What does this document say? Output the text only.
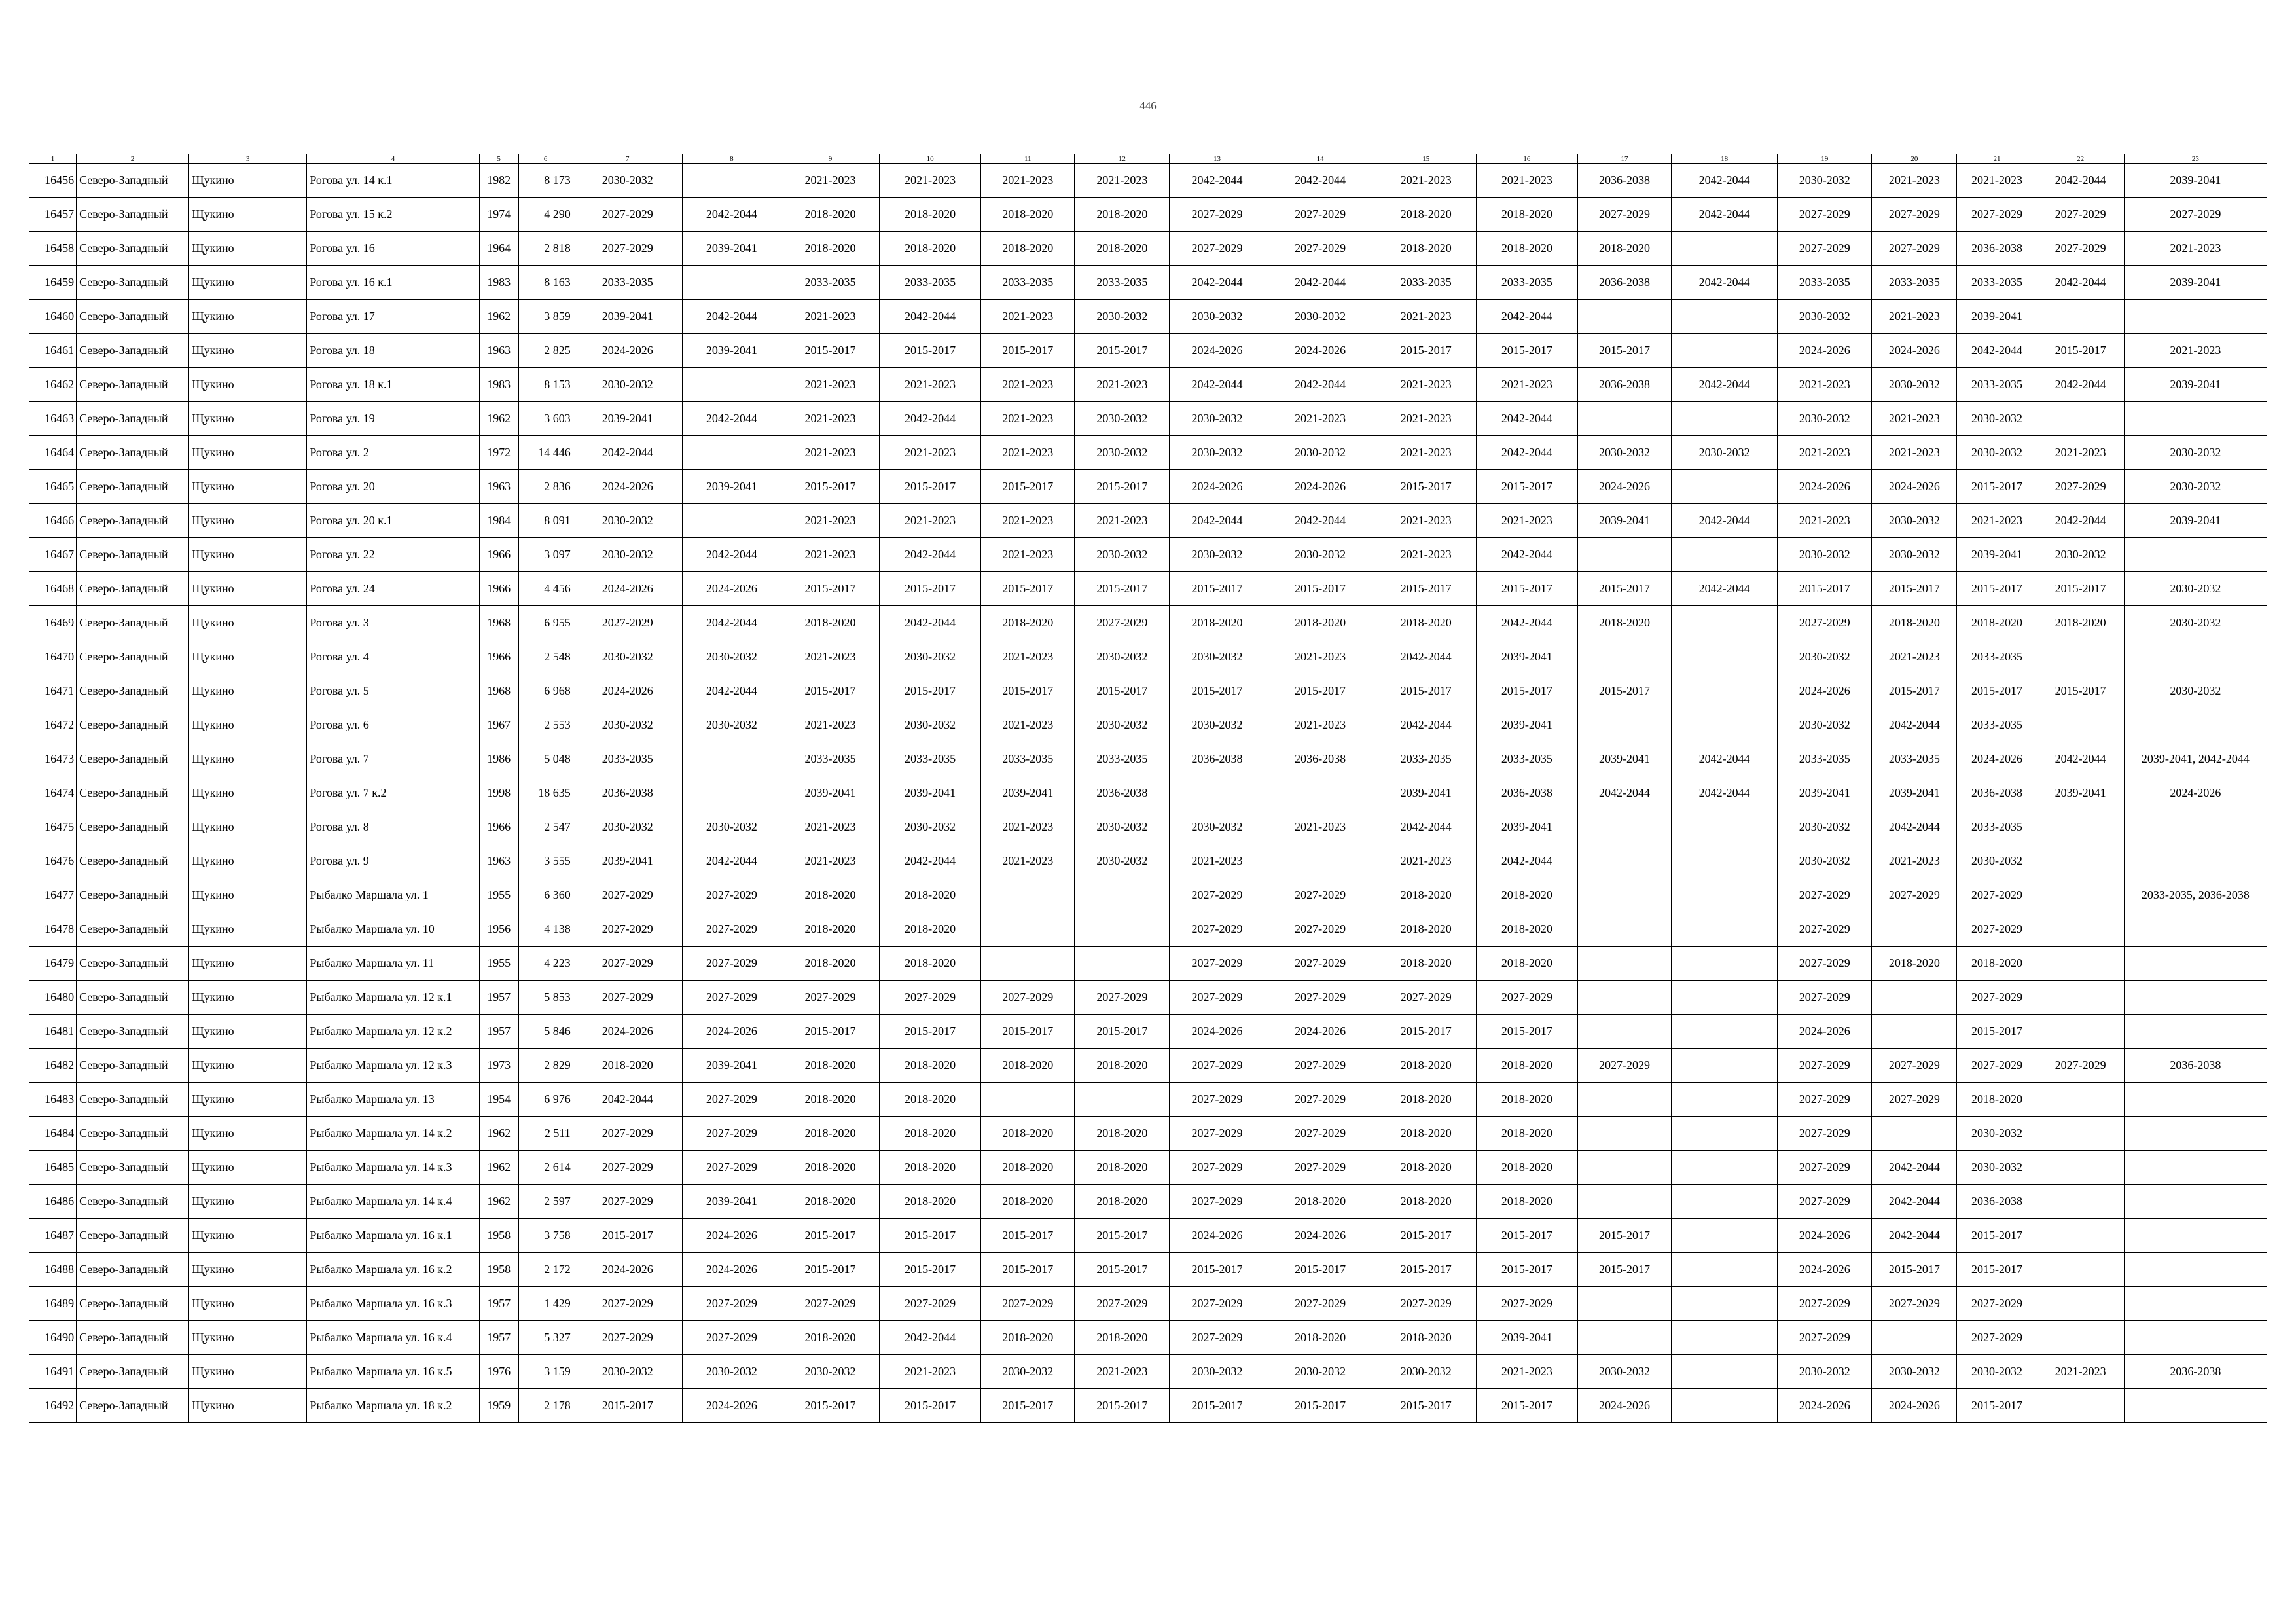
446
1	2	3	4	5	6	7	8	9	10	11	12	13	14	15	16	17	18	19	20	21	22	23
16456	Северо-Западный	Щукино	Рогова ул. 14 к.1	1982	8 173	2030-2032		2021-2023	2021-2023	2021-2023	2021-2023	2042-2044	2042-2044	2021-2023	2021-2023	2036-2038	2042-2044	2030-2032	2021-2023	2021-2023	2042-2044	2039-2041
16457	Северо-Западный	Щукино	Рогова ул. 15 к.2	1974	4 290	2027-2029	2042-2044	2018-2020	2018-2020	2018-2020	2018-2020	2027-2029	2027-2029	2018-2020	2018-2020	2027-2029	2042-2044	2027-2029	2027-2029	2027-2029	2027-2029	2027-2029
16458	Северо-Западный	Щукино	Рогова ул. 16	1964	2 818	2027-2029	2039-2041	2018-2020	2018-2020	2018-2020	2018-2020	2027-2029	2027-2029	2018-2020	2018-2020	2018-2020		2027-2029	2027-2029	2036-2038	2027-2029	2021-2023
16459	Северо-Западный	Щукино	Рогова ул. 16 к.1	1983	8 163	2033-2035		2033-2035	2033-2035	2033-2035	2033-2035	2042-2044	2042-2044	2033-2035	2033-2035	2036-2038	2042-2044	2033-2035	2033-2035	2033-2035	2042-2044	2039-2041
16460	Северо-Западный	Щукино	Рогова ул. 17	1962	3 859	2039-2041	2042-2044	2021-2023	2042-2044	2021-2023	2030-2032	2030-2032	2030-2032	2021-2023	2042-2044			2030-2032	2021-2023	2039-2041		
16461	Северо-Западный	Щукино	Рогова ул. 18	1963	2 825	2024-2026	2039-2041	2015-2017	2015-2017	2015-2017	2015-2017	2024-2026	2024-2026	2015-2017	2015-2017	2015-2017		2024-2026	2024-2026	2042-2044	2015-2017	2021-2023
16462	Северо-Западный	Щукино	Рогова ул. 18 к.1	1983	8 153	2030-2032		2021-2023	2021-2023	2021-2023	2021-2023	2042-2044	2042-2044	2021-2023	2021-2023	2036-2038	2042-2044	2021-2023	2030-2032	2033-2035	2042-2044	2039-2041
16463	Северо-Западный	Щукино	Рогова ул. 19	1962	3 603	2039-2041	2042-2044	2021-2023	2042-2044	2021-2023	2030-2032	2030-2032	2021-2023	2021-2023	2042-2044			2030-2032	2021-2023	2030-2032		
16464	Северо-Западный	Щукино	Рогова ул. 2	1972	14 446	2042-2044		2021-2023	2021-2023	2021-2023	2030-2032	2030-2032	2030-2032	2021-2023	2042-2044	2030-2032	2030-2032	2021-2023	2021-2023	2030-2032	2021-2023	2030-2032
16465	Северо-Западный	Щукино	Рогова ул. 20	1963	2 836	2024-2026	2039-2041	2015-2017	2015-2017	2015-2017	2015-2017	2024-2026	2024-2026	2015-2017	2015-2017	2024-2026		2024-2026	2024-2026	2015-2017	2027-2029	2030-2032
16466	Северо-Западный	Щукино	Рогова ул. 20 к.1	1984	8 091	2030-2032		2021-2023	2021-2023	2021-2023	2021-2023	2042-2044	2042-2044	2021-2023	2021-2023	2039-2041	2042-2044	2021-2023	2030-2032	2021-2023	2042-2044	2039-2041
16467	Северо-Западный	Щукино	Рогова ул. 22	1966	3 097	2030-2032	2042-2044	2021-2023	2042-2044	2021-2023	2030-2032	2030-2032	2030-2032	2021-2023	2042-2044			2030-2032	2030-2032	2039-2041	2030-2032	
16468	Северо-Западный	Щукино	Рогова ул. 24	1966	4 456	2024-2026	2024-2026	2015-2017	2015-2017	2015-2017	2015-2017	2015-2017	2015-2017	2015-2017	2015-2017	2015-2017	2042-2044	2015-2017	2015-2017	2015-2017	2015-2017	2030-2032
16469	Северо-Западный	Щукино	Рогова ул. 3	1968	6 955	2027-2029	2042-2044	2018-2020	2042-2044	2018-2020	2027-2029	2018-2020	2018-2020	2018-2020	2042-2044	2018-2020		2027-2029	2018-2020	2018-2020	2018-2020	2030-2032
16470	Северо-Западный	Щукино	Рогова ул. 4	1966	2 548	2030-2032	2030-2032	2021-2023	2030-2032	2021-2023	2030-2032	2030-2032	2021-2023	2042-2044	2039-2041			2030-2032	2021-2023	2033-2035		
16471	Северо-Западный	Щукино	Рогова ул. 5	1968	6 968	2024-2026	2042-2044	2015-2017	2015-2017	2015-2017	2015-2017	2015-2017	2015-2017	2015-2017	2015-2017	2015-2017		2024-2026	2015-2017	2015-2017	2015-2017	2030-2032
16472	Северо-Западный	Щукино	Рогова ул. 6	1967	2 553	2030-2032	2030-2032	2021-2023	2030-2032	2021-2023	2030-2032	2030-2032	2021-2023	2042-2044	2039-2041			2030-2032	2042-2044	2033-2035		
16473	Северо-Западный	Щукино	Рогова ул. 7	1986	5 048	2033-2035		2033-2035	2033-2035	2033-2035	2033-2035	2036-2038	2036-2038	2033-2035	2033-2035	2039-2041	2042-2044	2033-2035	2033-2035	2024-2026	2042-2044	2039-2041, 2042-2044
16474	Северо-Западный	Щукино	Рогова ул. 7 к.2	1998	18 635	2036-2038		2039-2041	2039-2041	2039-2041	2036-2038			2039-2041	2036-2038	2042-2044	2042-2044	2039-2041	2039-2041	2036-2038	2039-2041	2024-2026
16475	Северо-Западный	Щукино	Рогова ул. 8	1966	2 547	2030-2032	2030-2032	2021-2023	2030-2032	2021-2023	2030-2032	2030-2032	2021-2023	2042-2044	2039-2041			2030-2032	2042-2044	2033-2035		
16476	Северо-Западный	Щукино	Рогова ул. 9	1963	3 555	2039-2041	2042-2044	2021-2023	2042-2044	2021-2023	2030-2032	2021-2023		2021-2023	2042-2044			2030-2032	2021-2023	2030-2032		
16477	Северо-Западный	Щукино	Рыбалко Маршала ул. 1	1955	6 360	2027-2029	2027-2029	2018-2020	2018-2020			2027-2029	2027-2029	2018-2020	2018-2020			2027-2029	2027-2029	2027-2029		2033-2035, 2036-2038
16478	Северо-Западный	Щукино	Рыбалко Маршала ул. 10	1956	4 138	2027-2029	2027-2029	2018-2020	2018-2020			2027-2029	2027-2029	2018-2020	2018-2020			2027-2029		2027-2029		
16479	Северо-Западный	Щукино	Рыбалко Маршала ул. 11	1955	4 223	2027-2029	2027-2029	2018-2020	2018-2020			2027-2029	2027-2029	2018-2020	2018-2020			2027-2029	2018-2020	2018-2020		
16480	Северо-Западный	Щукино	Рыбалко Маршала ул. 12 к.1	1957	5 853	2027-2029	2027-2029	2027-2029	2027-2029	2027-2029	2027-2029	2027-2029	2027-2029	2027-2029	2027-2029			2027-2029		2027-2029		
16481	Северо-Западный	Щукино	Рыбалко Маршала ул. 12 к.2	1957	5 846	2024-2026	2024-2026	2015-2017	2015-2017	2015-2017	2015-2017	2024-2026	2024-2026	2015-2017	2015-2017			2024-2026		2015-2017		
16482	Северо-Западный	Щукино	Рыбалко Маршала ул. 12 к.3	1973	2 829	2018-2020	2039-2041	2018-2020	2018-2020	2018-2020	2018-2020	2027-2029	2027-2029	2018-2020	2018-2020	2027-2029		2027-2029	2027-2029	2027-2029	2027-2029	2036-2038
16483	Северо-Западный	Щукино	Рыбалко Маршала ул. 13	1954	6 976	2042-2044	2027-2029	2018-2020	2018-2020			2027-2029	2027-2029	2018-2020	2018-2020			2027-2029	2027-2029	2018-2020		
16484	Северо-Западный	Щукино	Рыбалко Маршала ул. 14 к.2	1962	2 511	2027-2029	2027-2029	2018-2020	2018-2020	2018-2020	2018-2020	2027-2029	2027-2029	2018-2020	2018-2020			2027-2029		2030-2032		
16485	Северо-Западный	Щукино	Рыбалко Маршала ул. 14 к.3	1962	2 614	2027-2029	2027-2029	2018-2020	2018-2020	2018-2020	2018-2020	2027-2029	2027-2029	2018-2020	2018-2020			2027-2029	2042-2044	2030-2032		
16486	Северо-Западный	Щукино	Рыбалко Маршала ул. 14 к.4	1962	2 597	2027-2029	2039-2041	2018-2020	2018-2020	2018-2020	2018-2020	2027-2029	2018-2020	2018-2020	2018-2020			2027-2029	2042-2044	2036-2038		
16487	Северо-Западный	Щукино	Рыбалко Маршала ул. 16 к.1	1958	3 758	2015-2017	2024-2026	2015-2017	2015-2017	2015-2017	2015-2017	2024-2026	2024-2026	2015-2017	2015-2017	2015-2017		2024-2026	2042-2044	2015-2017		
16488	Северо-Западный	Щукино	Рыбалко Маршала ул. 16 к.2	1958	2 172	2024-2026	2024-2026	2015-2017	2015-2017	2015-2017	2015-2017	2015-2017	2015-2017	2015-2017	2015-2017	2015-2017		2024-2026	2015-2017	2015-2017		
16489	Северо-Западный	Щукино	Рыбалко Маршала ул. 16 к.3	1957	1 429	2027-2029	2027-2029	2027-2029	2027-2029	2027-2029	2027-2029	2027-2029	2027-2029	2027-2029	2027-2029			2027-2029	2027-2029	2027-2029		
16490	Северо-Западный	Щукино	Рыбалко Маршала ул. 16 к.4	1957	5 327	2027-2029	2027-2029	2018-2020	2042-2044	2018-2020	2018-2020	2027-2029	2018-2020	2018-2020	2039-2041			2027-2029		2027-2029		
16491	Северо-Западный	Щукино	Рыбалко Маршала ул. 16 к.5	1976	3 159	2030-2032	2030-2032	2030-2032	2021-2023	2030-2032	2021-2023	2030-2032	2030-2032	2030-2032	2021-2023	2030-2032		2030-2032	2030-2032	2030-2032	2021-2023	2036-2038
16492	Северо-Западный	Щукино	Рыбалко Маршала ул. 18 к.2	1959	2 178	2015-2017	2024-2026	2015-2017	2015-2017	2015-2017	2015-2017	2015-2017	2015-2017	2015-2017	2015-2017	2024-2026		2024-2026	2024-2026	2015-2017		
